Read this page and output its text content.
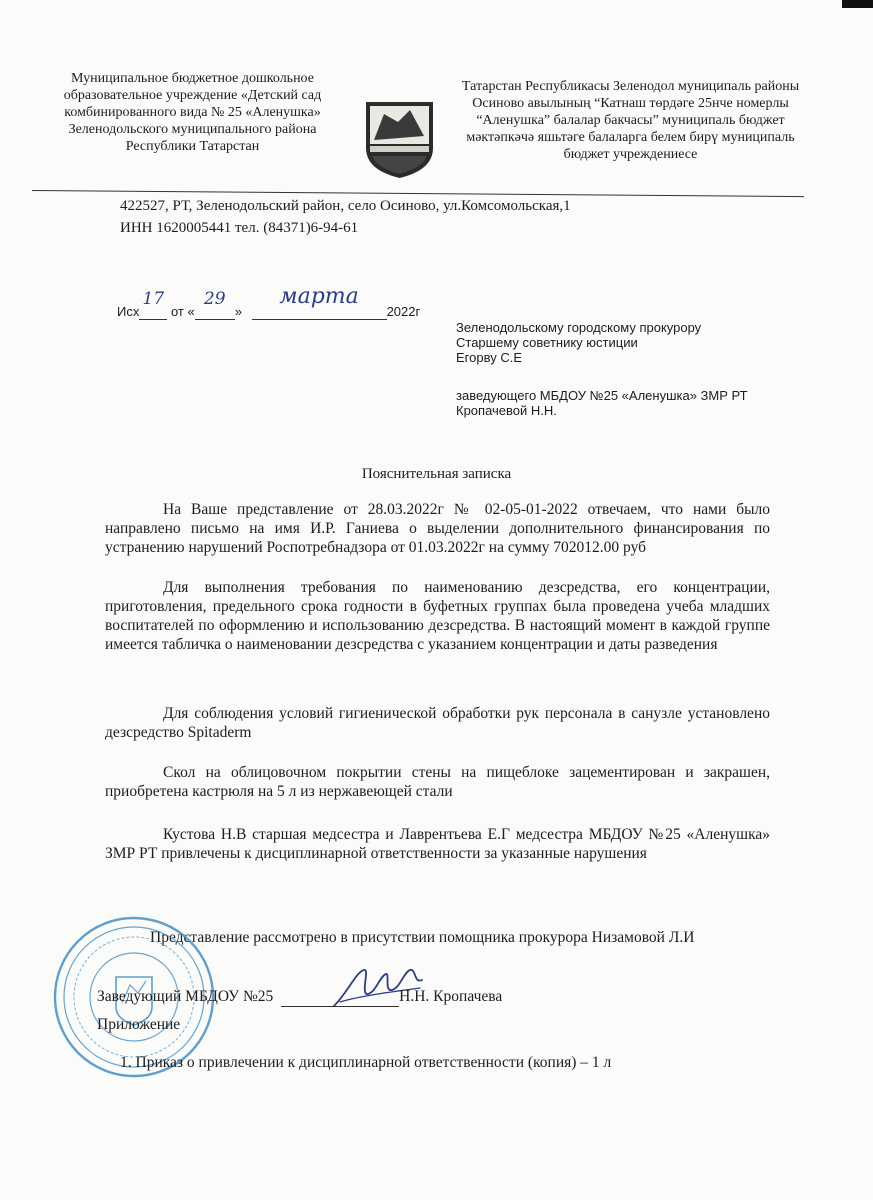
Муниципальное бюджетное дошкольное образовательное учреждение «Детский сад комбинированного вида № 25 «Аленушка» Зеленодольского муниципального района Республики Татарстан
Татарстан Республикасы Зеленодол муниципаль районы Осиново авылының “Катнаш төрдәге 25нче номерлы “Аленушка” балалар бакчасы” муниципаль бюджет мәктәпкәчә яшьтәге балаларга белем бирү муниципаль бюджет учреждениесе
422527, РТ, Зеленодольский район, село Осиново, ул.Комсомольская,1
ИНН 1620005441 тел. (84371)6-94-61
Исх
17
от «
29
»
марта
2022г
Зеленодольскому городскому прокурору
Старшему советнику юстиции
Егорву С.Е
заведующего МБДОУ №25 «Аленушка» ЗМР РТ
Кропачевой Н.Н.
Пояснительная записка
На Ваше представление от 28.03.2022г № 02-05-01-2022 отвечаем, что нами было направлено письмо на имя И.Р. Ганиева о выделении дополнительного финансирования по устранению нарушений Роспотребнадзора от 01.03.2022г на сумму 702012.00 руб
Для выполнения требования по наименованию дезсредства, его концентрации, приготовления, предельного срока годности в буфетных группах была проведена учеба младших воспитателей по оформлению и использованию дезсредства. В настоящий момент в каждой группе имеется табличка о наименовании дезсредства с указанием концентрации и даты разведения
Для соблюдения условий гигиенической обработки рук персонала в санузле установлено дезсредство Spitaderm
Скол на облицовочном покрытии стены на пищеблоке зацементирован и закрашен, приобретена кастрюля на 5 л из нержавеющей стали
Кустова Н.В старшая медсестра и Лаврентьева Е.Г медсестра МБДОУ №25 «Аленушка» ЗМР РТ привлечены к дисциплинарной ответственности за указанные нарушения
Представление рассмотрено в присутствии помощника прокурора Низамовой Л.И
Заведующий МБДОУ №25	Н.Н. Кропачева
Приложение
1. Приказ о привлечении к дисциплинарной ответственности (копия) – 1 л
